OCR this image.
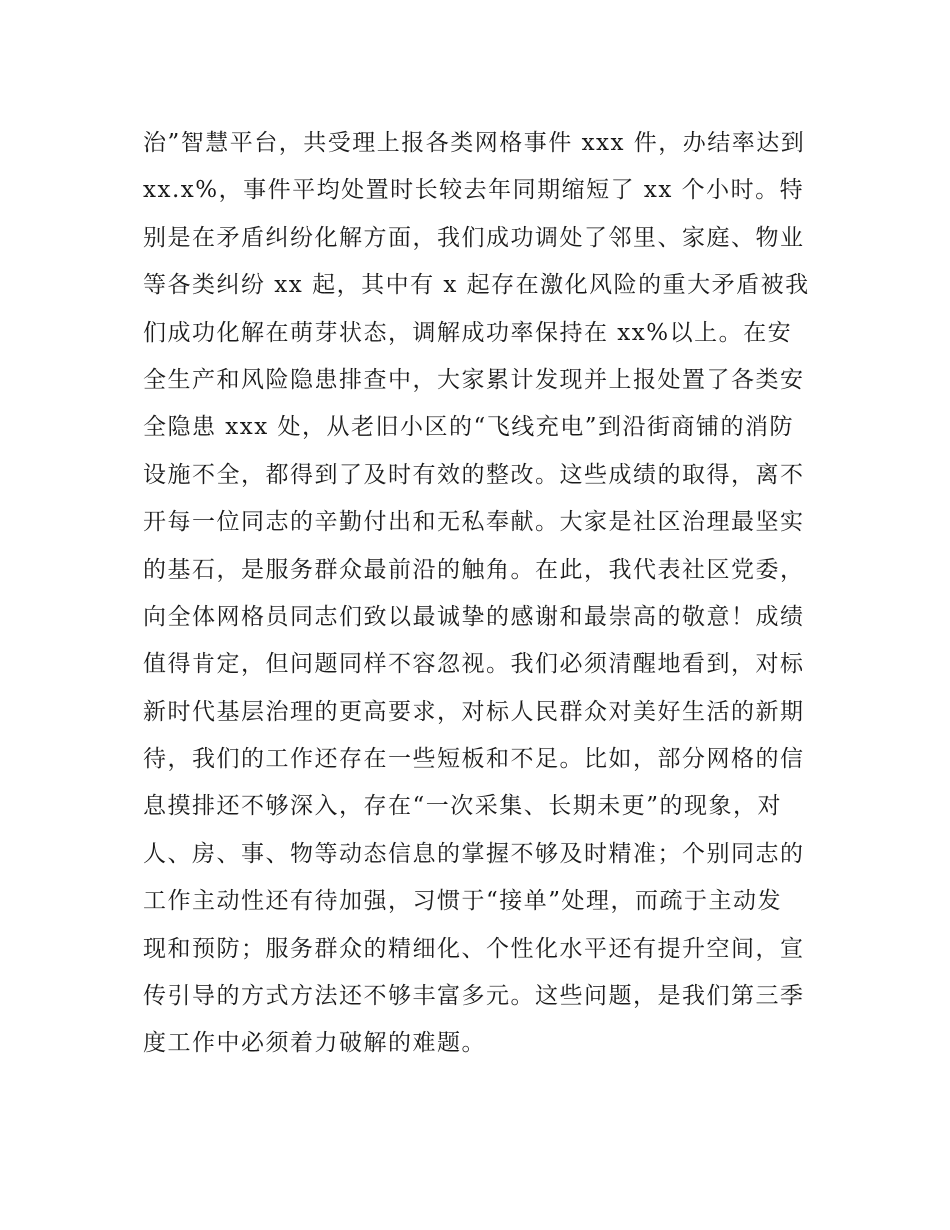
治”智慧平台，共受理上报各类网格事件 xxx 件，办结率达到
xx.x%，事件平均处置时长较去年同期缩短了 xx 个小时。特
别是在矛盾纠纷化解方面，我们成功调处了邻里、家庭、物业
等各类纠纷 xx 起，其中有 x 起存在激化风险的重大矛盾被我
们成功化解在萌芽状态，调解成功率保持在 xx%以上。在安
全生产和风险隐患排查中，大家累计发现并上报处置了各类安
全隐患 xxx 处，从老旧小区的“飞线充电”到沿街商铺的消防
设施不全，都得到了及时有效的整改。这些成绩的取得，离不
开每一位同志的辛勤付出和无私奉献。大家是社区治理最坚实
的基石，是服务群众最前沿的触角。在此，我代表社区党委，
向全体网格员同志们致以最诚挚的感谢和最崇高的敬意！成绩
值得肯定，但问题同样不容忽视。我们必须清醒地看到，对标
新时代基层治理的更高要求，对标人民群众对美好生活的新期
待，我们的工作还存在一些短板和不足。比如，部分网格的信
息摸排还不够深入，存在“一次采集、长期未更”的现象，对
人、房、事、物等动态信息的掌握不够及时精准；个别同志的
工作主动性还有待加强，习惯于“接单”处理，而疏于主动发
现和预防；服务群众的精细化、个性化水平还有提升空间，宣
传引导的方式方法还不够丰富多元。这些问题，是我们第三季
度工作中必须着力破解的难题。
